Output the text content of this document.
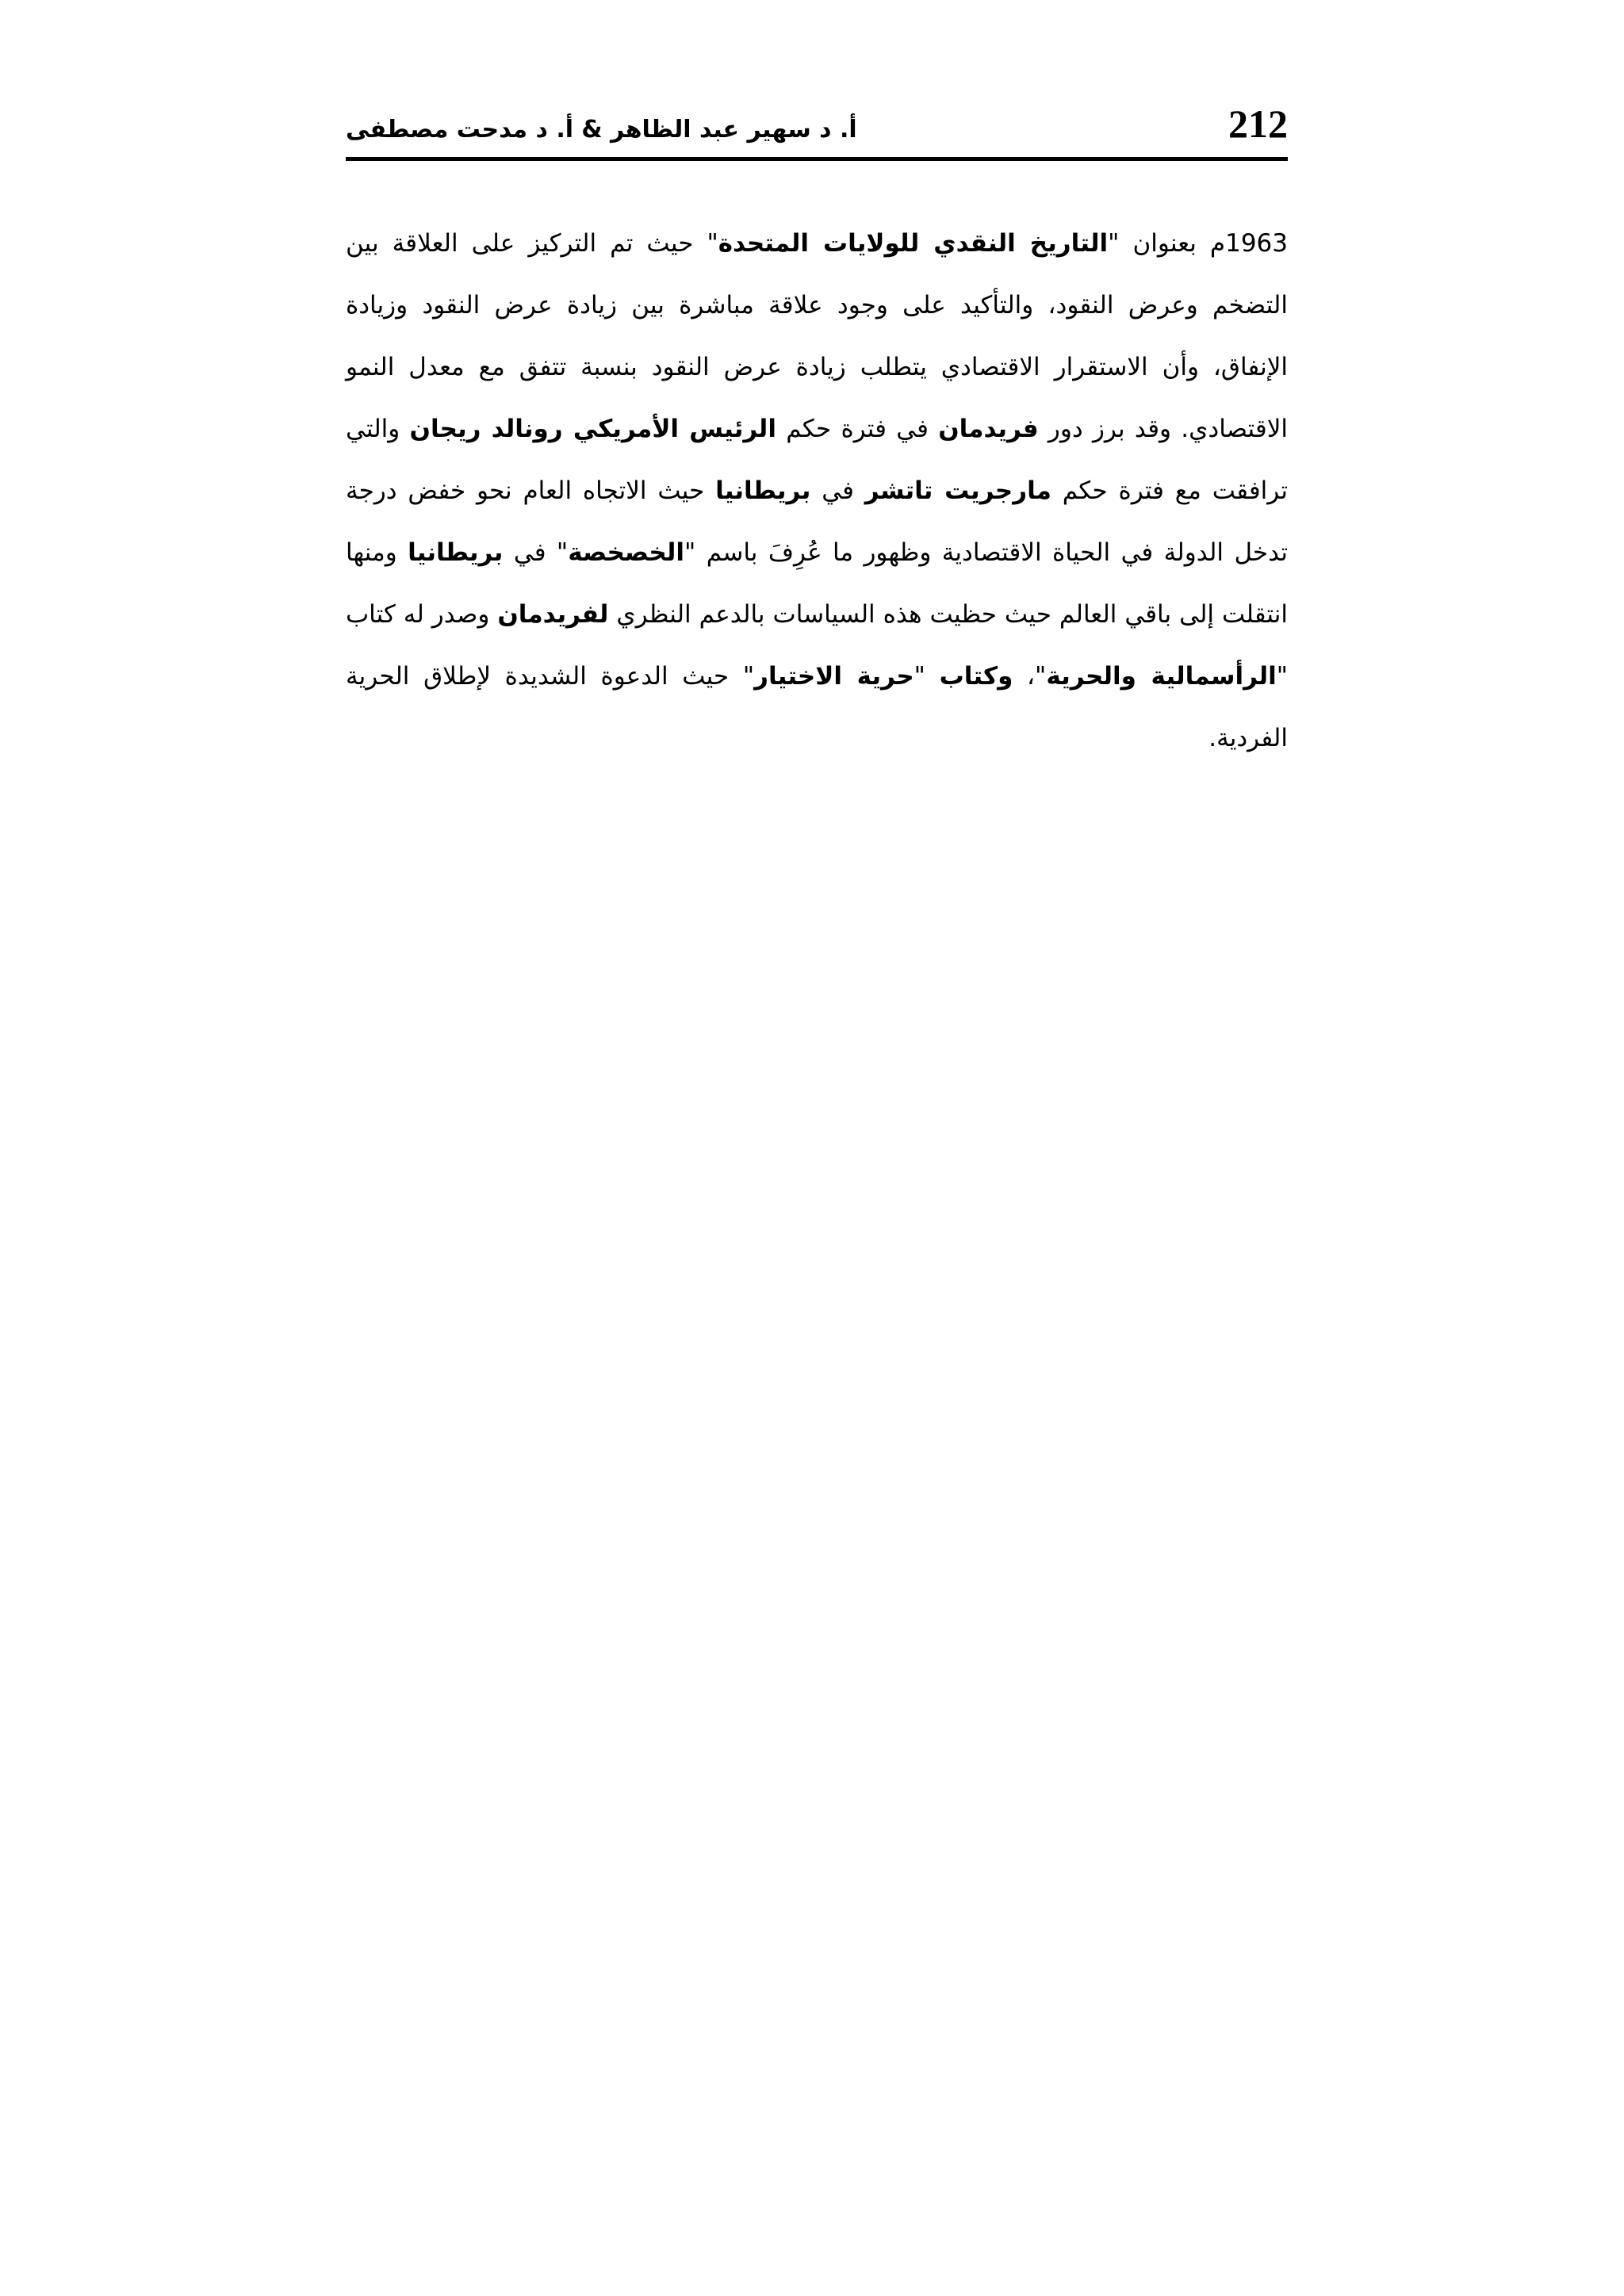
أ. د سهير عبد الظاهر & أ. د مدحت مصطفى	212

1963م بعنوان "التاريخ النقدي للولايات المتحدة" حيث تم التركيز على العلاقة بين التضخم وعرض النقود، والتأكيد على وجود علاقة مباشرة بين زيادة عرض النقود وزيادة الإنفاق، وأن الاستقرار الاقتصادي يتطلب زيادة عرض النقود بنسبة تتفق مع معدل النمو الاقتصادي. وقد برز دور فريدمان في فترة حكم الرئيس الأمريكي رونالد ريجان والتي ترافقت مع فترة حكم مارجريت تاتشر في بريطانيا حيث الاتجاه العام نحو خفض درجة تدخل الدولة في الحياة الاقتصادية وظهور ما عُرِفَ باسم "الخصخصة" في بريطانيا ومنها انتقلت إلى باقي العالم حيث حظيت هذه السياسات بالدعم النظري لفريدمان وصدر له كتاب "الرأسمالية والحرية"، وكتاب "حرية الاختيار" حيث الدعوة الشديدة لإطلاق الحرية الفردية.
